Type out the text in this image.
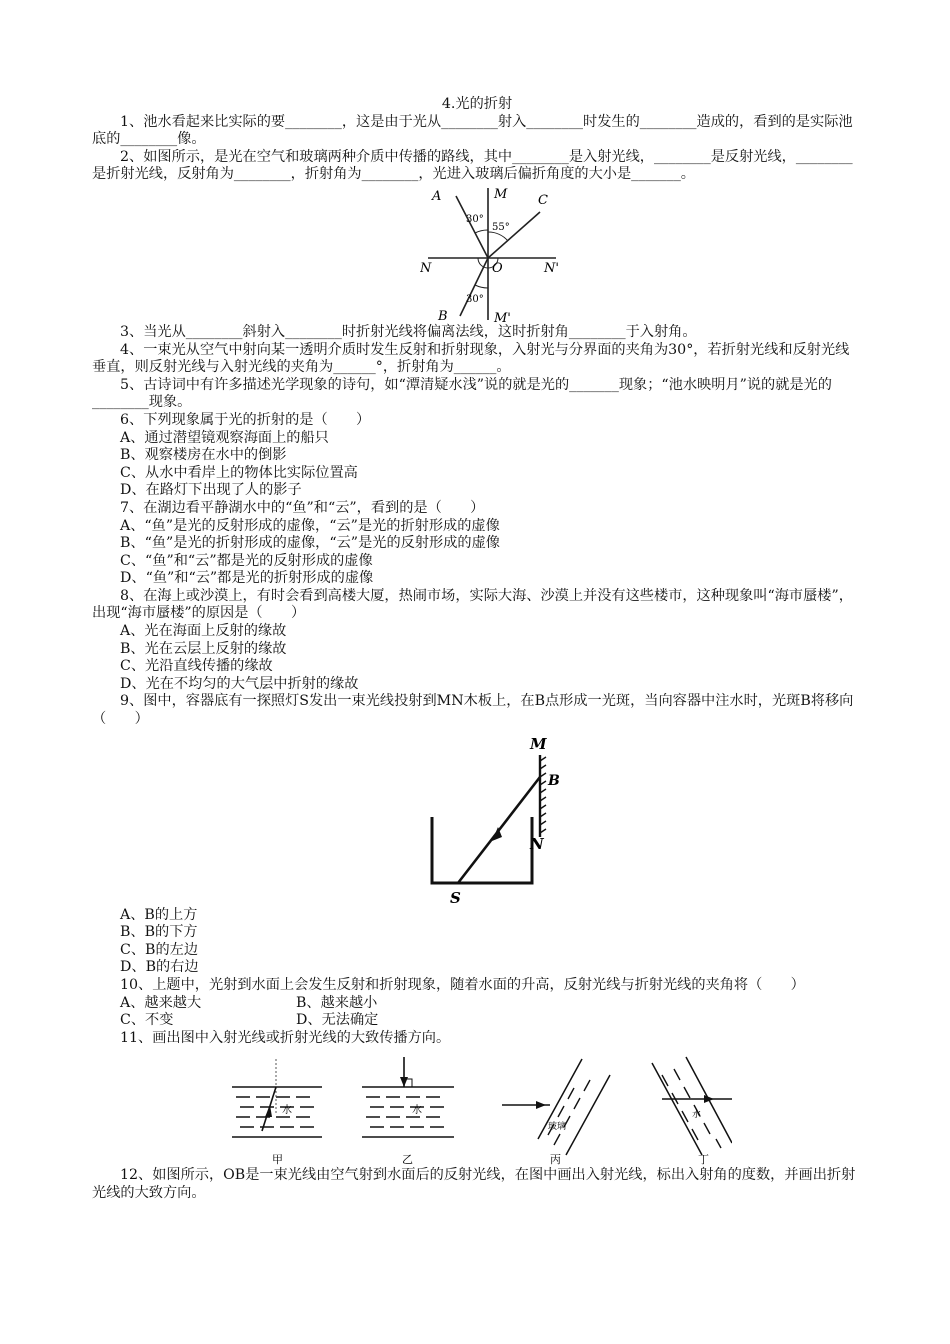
4.光的折射

1、池水看起来比实际的要________，这是由于光从________射入________时发生的________造成的，看到的是实际池底的________像。

2、如图所示，是光在空气和玻璃两种介质中传播的路线，其中________是入射光线，________是反射光线，________是折射光线，反射角为________，折射角为________，光进入玻璃后偏折角度的大小是_______。

A	M C
N	O	N'
B	M'
30°
55°
30°

3、当光从________斜射入________时折射光线将偏离法线，这时折射角________于入射角。

4、一束光从空气中射向某一透明介质时发生反射和折射现象，入射光与分界面的夹角为30°，若折射光线和反射光线垂直，则反射光线与入射光线的夹角为______°，折射角为______。

5、古诗词中有许多描述光学现象的诗句，如“潭清疑水浅”说的就是光的_______现象；“池水映明月”说的就是光的________现象。

6、下列现象属于光的折射的是（　　）

A、通过潜望镜观察海面上的船只

B、观察楼房在水中的倒影

C、从水中看岸上的物体比实际位置高

D、在路灯下出现了人的影子

7、在湖边看平静湖水中的“鱼”和“云”，看到的是（　　）

A、“鱼”是光的反射形成的虚像，“云”是光的折射形成的虚像

B、“鱼”是光的折射形成的虚像，“云”是光的反射形成的虚像

C、“鱼”和“云”都是光的反射形成的虚像

D、“鱼”和“云”都是光的折射形成的虚像

8、在海上或沙漠上，有时会看到高楼大厦，热闹市场，实际大海、沙漠上并没有这些楼市，这种现象叫“海市蜃楼”，出现“海市蜃楼”的原因是（　　）

A、光在海面上反射的缘故

B、光在云层上反射的缘故

C、光沿直线传播的缘故

D、光在不均匀的大气层中折射的缘故

9、图中，容器底有一探照灯S发出一束光线投射到MN木板上，在B点形成一光斑，当向容器中注水时，光斑B将移向（　　）

M
B
N
S

A、B的上方

B、B的下方

C、B的左边

D、B的右边

10、上题中，光射到水面上会发生反射和折射现象，随着水面的升高，反射光线与折射光线的夹角将（　　）

A、越来越大	B、越来越小
C、不变	D、无法确定

11、画出图中入射光线或折射光线的大致传播方向。

水
甲
水
乙
玻璃
丙
水
丁

12、如图所示，OB是一束光线由空气射到水面后的反射光线，在图中画出入射光线，标出入射角的度数，并画出折射光线的大致方向。
